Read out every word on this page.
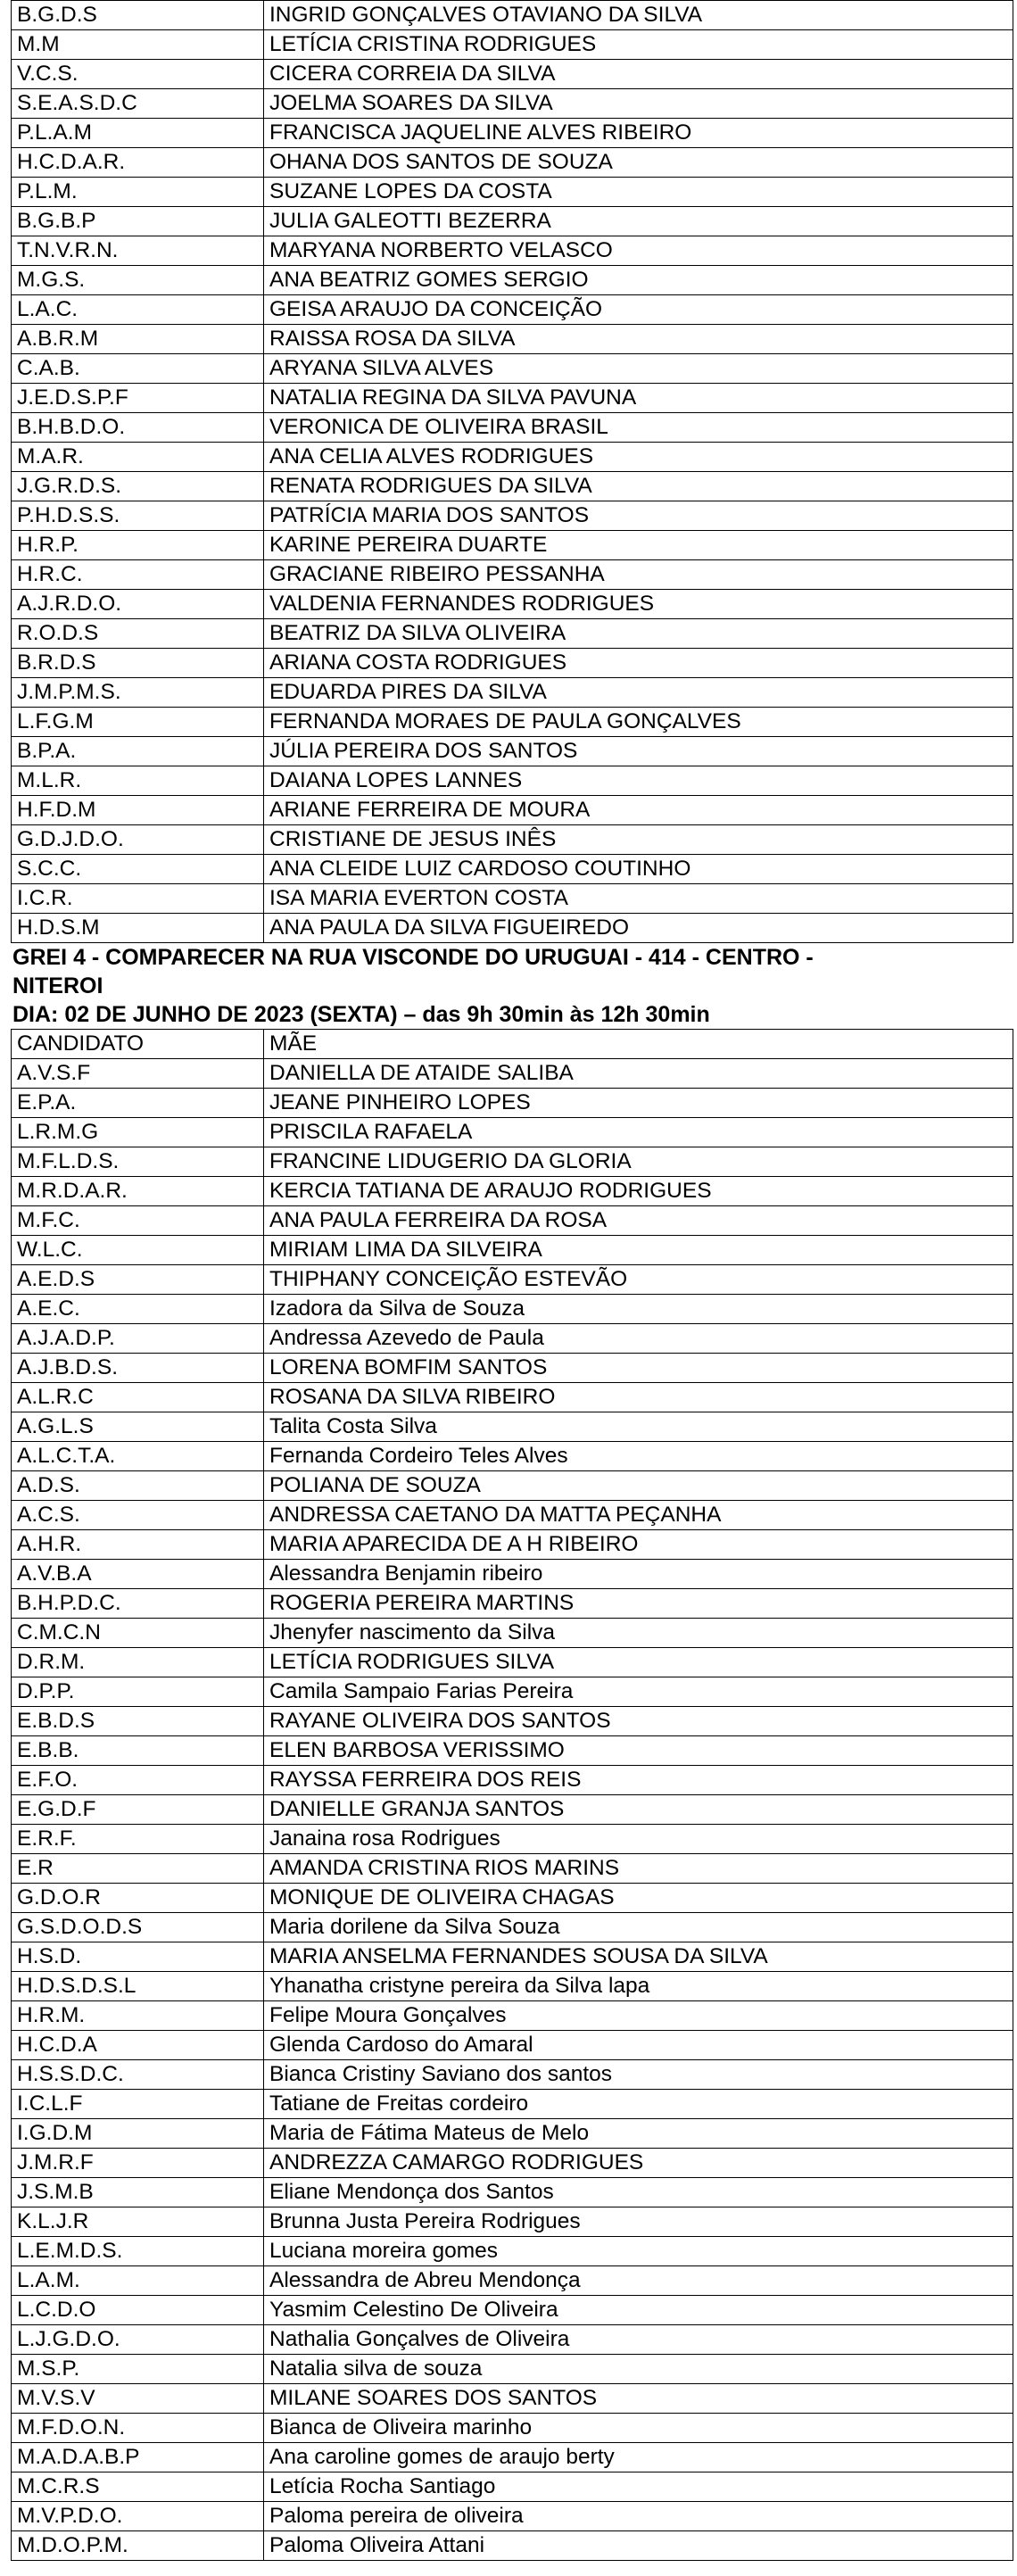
B.G.D.S	INGRID GONÇALVES OTAVIANO DA SILVA
M.M	LETÍCIA CRISTINA RODRIGUES
V.C.S.	CICERA CORREIA DA SILVA
S.E.A.S.D.C	JOELMA SOARES DA SILVA
P.L.A.M	FRANCISCA JAQUELINE ALVES RIBEIRO
H.C.D.A.R.	OHANA DOS SANTOS DE SOUZA
P.L.M.	SUZANE LOPES DA COSTA
B.G.B.P	JULIA GALEOTTI BEZERRA
T.N.V.R.N.	MARYANA NORBERTO VELASCO
M.G.S.	ANA BEATRIZ GOMES SERGIO
L.A.C.	GEISA ARAUJO DA CONCEIÇÃO
A.B.R.M	RAISSA ROSA DA SILVA
C.A.B.	ARYANA SILVA ALVES
J.E.D.S.P.F	NATALIA REGINA DA SILVA PAVUNA
B.H.B.D.O.	VERONICA DE OLIVEIRA BRASIL
M.A.R.	ANA CELIA ALVES RODRIGUES
J.G.R.D.S.	RENATA RODRIGUES DA SILVA
P.H.D.S.S.	PATRÍCIA MARIA DOS SANTOS
H.R.P.	KARINE PEREIRA DUARTE
H.R.C.	GRACIANE RIBEIRO PESSANHA
A.J.R.D.O.	VALDENIA FERNANDES RODRIGUES
R.O.D.S	BEATRIZ DA SILVA OLIVEIRA
B.R.D.S	ARIANA COSTA RODRIGUES
J.M.P.M.S.	EDUARDA PIRES DA SILVA
L.F.G.M	FERNANDA MORAES DE PAULA GONÇALVES
B.P.A.	JÚLIA PEREIRA DOS SANTOS
M.L.R.	DAIANA LOPES LANNES
H.F.D.M	ARIANE FERREIRA DE MOURA
G.D.J.D.O.	CRISTIANE DE JESUS INÊS
S.C.C.	ANA CLEIDE LUIZ CARDOSO COUTINHO
I.C.R.	ISA MARIA EVERTON COSTA
H.D.S.M	ANA PAULA DA SILVA FIGUEIREDO
GREI 4 - COMPARECER NA RUA VISCONDE DO URUGUAI - 414 - CENTRO -
NITEROI
DIA: 02 DE JUNHO DE 2023 (SEXTA) – das 9h 30min às 12h 30min
CANDIDATO	MÃE
A.V.S.F	DANIELLA DE ATAIDE SALIBA
E.P.A.	JEANE PINHEIRO LOPES
L.R.M.G	PRISCILA RAFAELA
M.F.L.D.S.	FRANCINE LIDUGERIO DA GLORIA
M.R.D.A.R.	KERCIA TATIANA DE ARAUJO RODRIGUES
M.F.C.	ANA PAULA FERREIRA DA ROSA
W.L.C.	MIRIAM LIMA DA SILVEIRA
A.E.D.S	THIPHANY CONCEIÇÃO ESTEVÃO
A.E.C.	Izadora da Silva de Souza
A.J.A.D.P.	Andressa Azevedo de Paula
A.J.B.D.S.	LORENA BOMFIM SANTOS
A.L.R.C	ROSANA DA SILVA RIBEIRO
A.G.L.S	Talita Costa Silva
A.L.C.T.A.	Fernanda Cordeiro Teles Alves
A.D.S.	POLIANA DE SOUZA
A.C.S.	ANDRESSA CAETANO DA MATTA PEÇANHA
A.H.R.	MARIA APARECIDA DE A H RIBEIRO
A.V.B.A	Alessandra Benjamin ribeiro
B.H.P.D.C.	ROGERIA PEREIRA MARTINS
C.M.C.N	Jhenyfer nascimento da Silva
D.R.M.	LETÍCIA RODRIGUES SILVA
D.P.P.	Camila Sampaio Farias Pereira
E.B.D.S	RAYANE OLIVEIRA DOS SANTOS
E.B.B.	ELEN BARBOSA VERISSIMO
E.F.O.	RAYSSA FERREIRA DOS REIS
E.G.D.F	DANIELLE GRANJA SANTOS
E.R.F.	Janaina rosa Rodrigues
E.R	AMANDA CRISTINA RIOS MARINS
G.D.O.R	MONIQUE DE OLIVEIRA CHAGAS
G.S.D.O.D.S	Maria dorilene da Silva Souza
H.S.D.	MARIA ANSELMA FERNANDES SOUSA DA SILVA
H.D.S.D.S.L	Yhanatha cristyne pereira da Silva lapa
H.R.M.	Felipe Moura Gonçalves
H.C.D.A	Glenda Cardoso do Amaral
H.S.S.D.C.	Bianca Cristiny Saviano dos santos
I.C.L.F	Tatiane de Freitas cordeiro
I.G.D.M	Maria de Fátima Mateus de Melo
J.M.R.F	ANDREZZA CAMARGO RODRIGUES
J.S.M.B	Eliane Mendonça dos Santos
K.L.J.R	Brunna Justa Pereira Rodrigues
L.E.M.D.S.	Luciana moreira gomes
L.A.M.	Alessandra de Abreu Mendonça
L.C.D.O	Yasmim Celestino De Oliveira
L.J.G.D.O.	Nathalia Gonçalves de Oliveira
M.S.P.	Natalia silva de souza
M.V.S.V	MILANE SOARES DOS SANTOS
M.F.D.O.N.	Bianca de Oliveira marinho
M.A.D.A.B.P	Ana caroline gomes de araujo berty
M.C.R.S	Letícia Rocha Santiago
M.V.P.D.O.	Paloma pereira de oliveira
M.D.O.P.M.	Paloma Oliveira Attani
